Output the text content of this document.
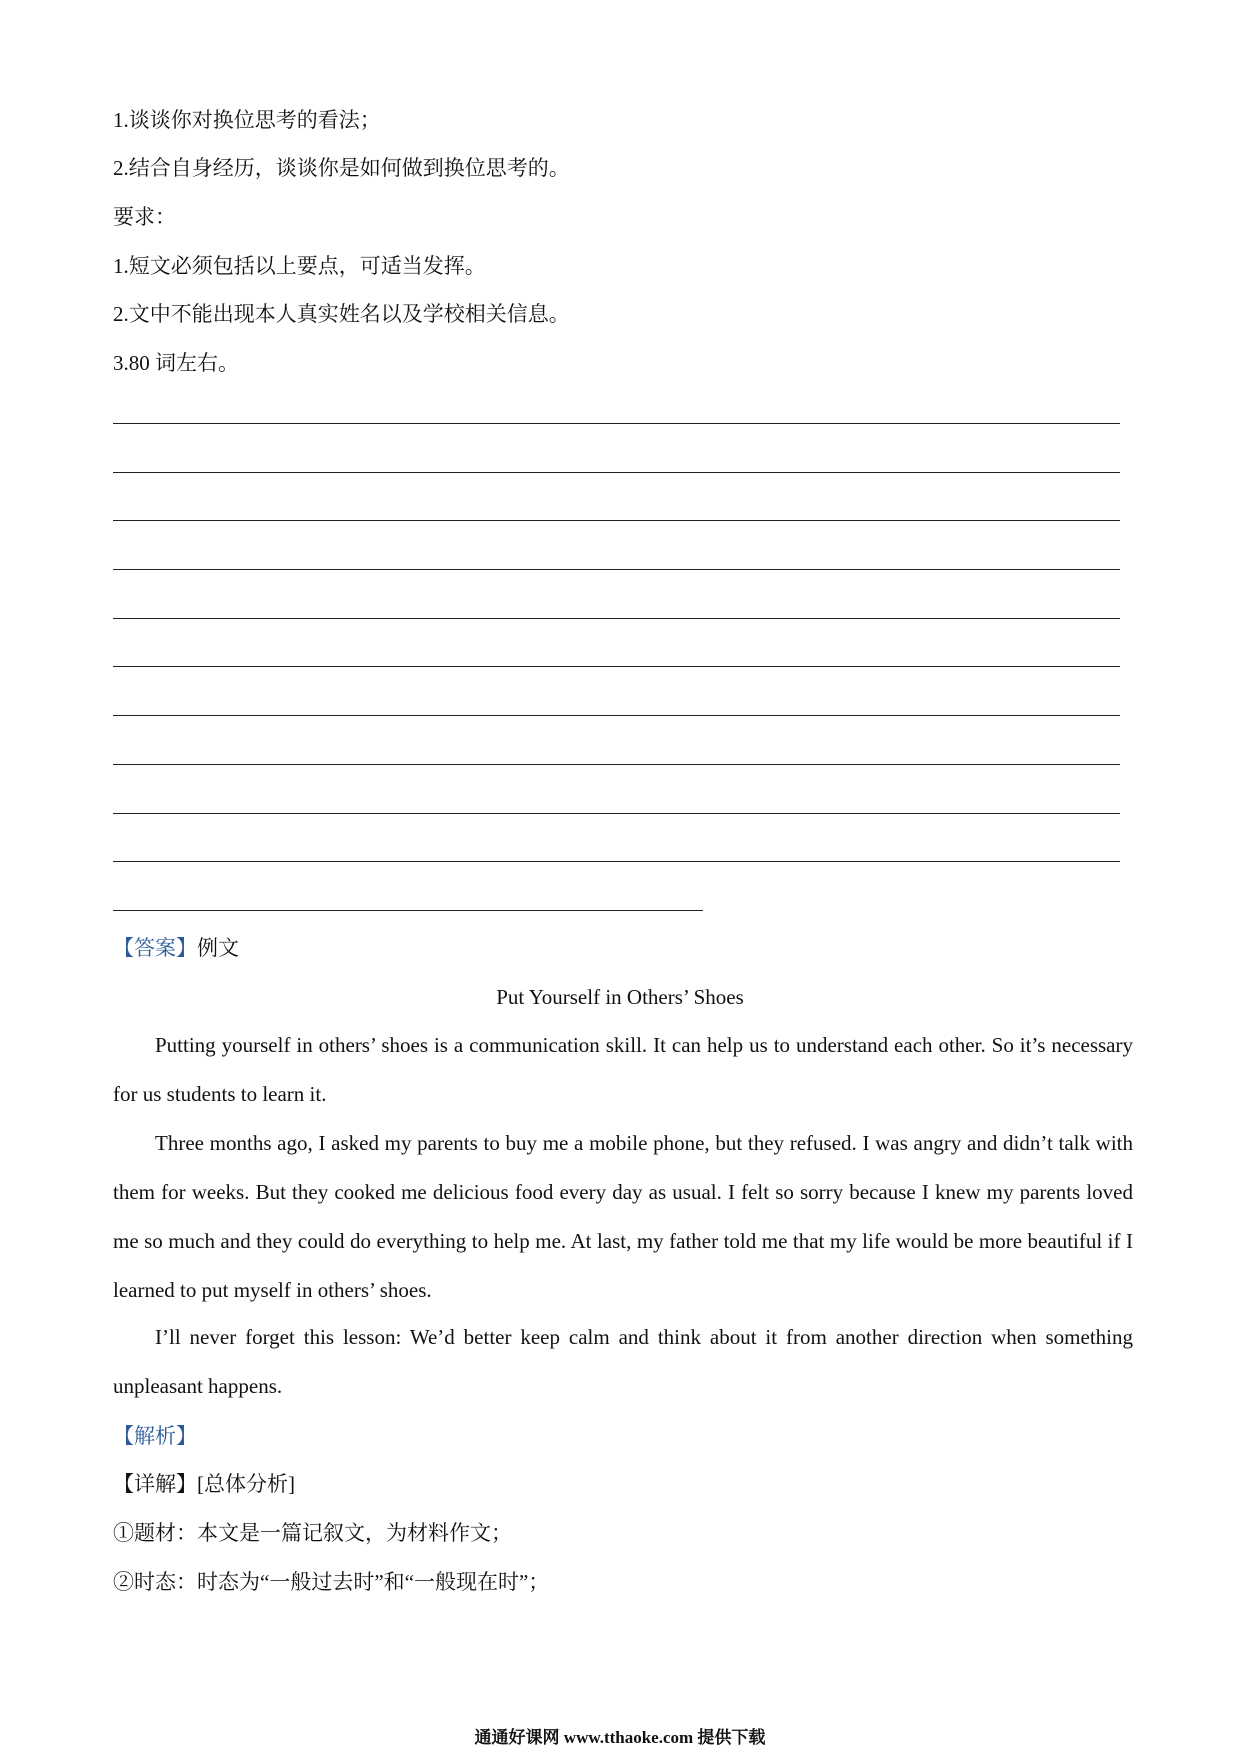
1.谈谈你对换位思考的看法；
2.结合自身经历，谈谈你是如何做到换位思考的。
要求：
1.短文必须包括以上要点，可适当发挥。
2.文中不能出现本人真实姓名以及学校相关信息。
3.80 词左右。
【答案】例文
Put Yourself in Others’ Shoes

Putting yourself in others’ shoes is a communication skill. It can help us to understand each other. So it’s necessary for us students to learn it.

Three months ago, I asked my parents to buy me a mobile phone, but they refused. I was angry and didn’t talk with them for weeks. But they cooked me delicious food every day as usual. I felt so sorry because I knew my parents loved me so much and they could do everything to help me. At last, my father told me that my life would be more beautiful if I learned to put myself in others’ shoes.

I’ll never forget this lesson: We’d better keep calm and think about it from another direction when something unpleasant happens.

【解析】
【详解】[总体分析]
①题材：本文是一篇记叙文，为材料作文；
②时态：时态为“一般过去时”和“一般现在时”；
通通好课网 www.tthaoke.com 提供下载
